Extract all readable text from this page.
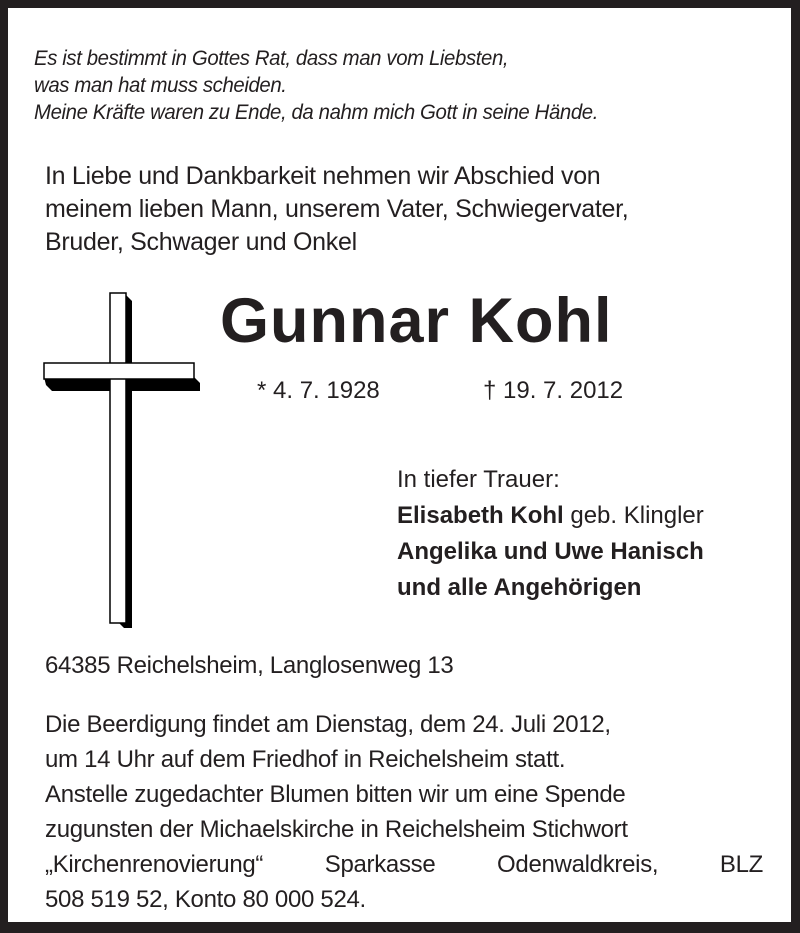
Es ist bestimmt in Gottes Rat, dass man vom Liebsten,
was man hat muss scheiden.
Meine Kräfte waren zu Ende, da nahm mich Gott in seine Hände.
In Liebe und Dankbarkeit nehmen wir Abschied von
meinem lieben Mann, unserem Vater, Schwiegervater,
Bruder, Schwager und Onkel
Gunnar Kohl
* 4. 7. 1928	† 19. 7. 2012
In tiefer Trauer:
Elisabeth Kohl geb. Klingler
Angelika und Uwe Hanisch
und alle Angehörigen
64385 Reichelsheim, Langlosenweg 13
Die Beerdigung findet am Dienstag, dem 24. Juli 2012,
um 14 Uhr auf dem Friedhof in Reichelsheim statt.
Anstelle zugedachter Blumen bitten wir um eine Spende
zugunsten der Michaelskirche in Reichelsheim Stichwort
„Kirchenrenovierung“	Sparkasse	Odenwaldkreis,	BLZ
508 519 52, Konto 80 000 524.
